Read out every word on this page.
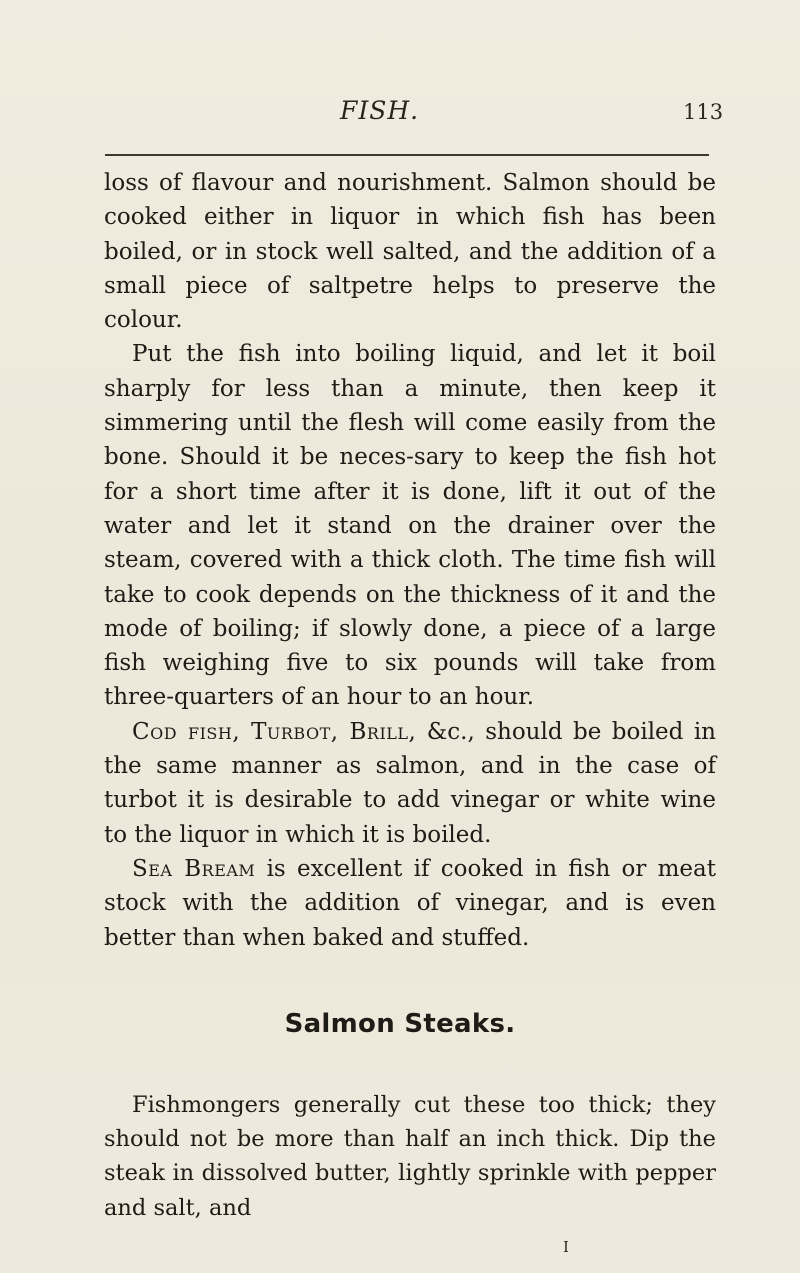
FISH.	113

loss of flavour and nourishment. Salmon should be cooked either in liquor in which fish has been boiled, or in stock well salted, and the addition of a small piece of saltpetre helps to preserve the colour.

Put the fish into boiling liquid, and let it boil sharply for less than a minute, then keep it simmering until the flesh will come easily from the bone. Should it be neces-sary to keep the fish hot for a short time after it is done, lift it out of the water and let it stand on the drainer over the steam, covered with a thick cloth. The time fish will take to cook depends on the thickness of it and the mode of boiling; if slowly done, a piece of a large fish weighing five to six pounds will take from three-quarters of an hour to an hour.

Cod fish, Turbot, Brill, &c., should be boiled in the same manner as salmon, and in the case of turbot it is desirable to add vinegar or white wine to the liquor in which it is boiled.

Sea Bream is excellent if cooked in fish or meat stock with the addition of vinegar, and is even better than when baked and stuffed.

Salmon Steaks.

Fishmongers generally cut these too thick; they should not be more than half an inch thick. Dip the steak in dissolved butter, lightly sprinkle with pepper and salt, and

I
